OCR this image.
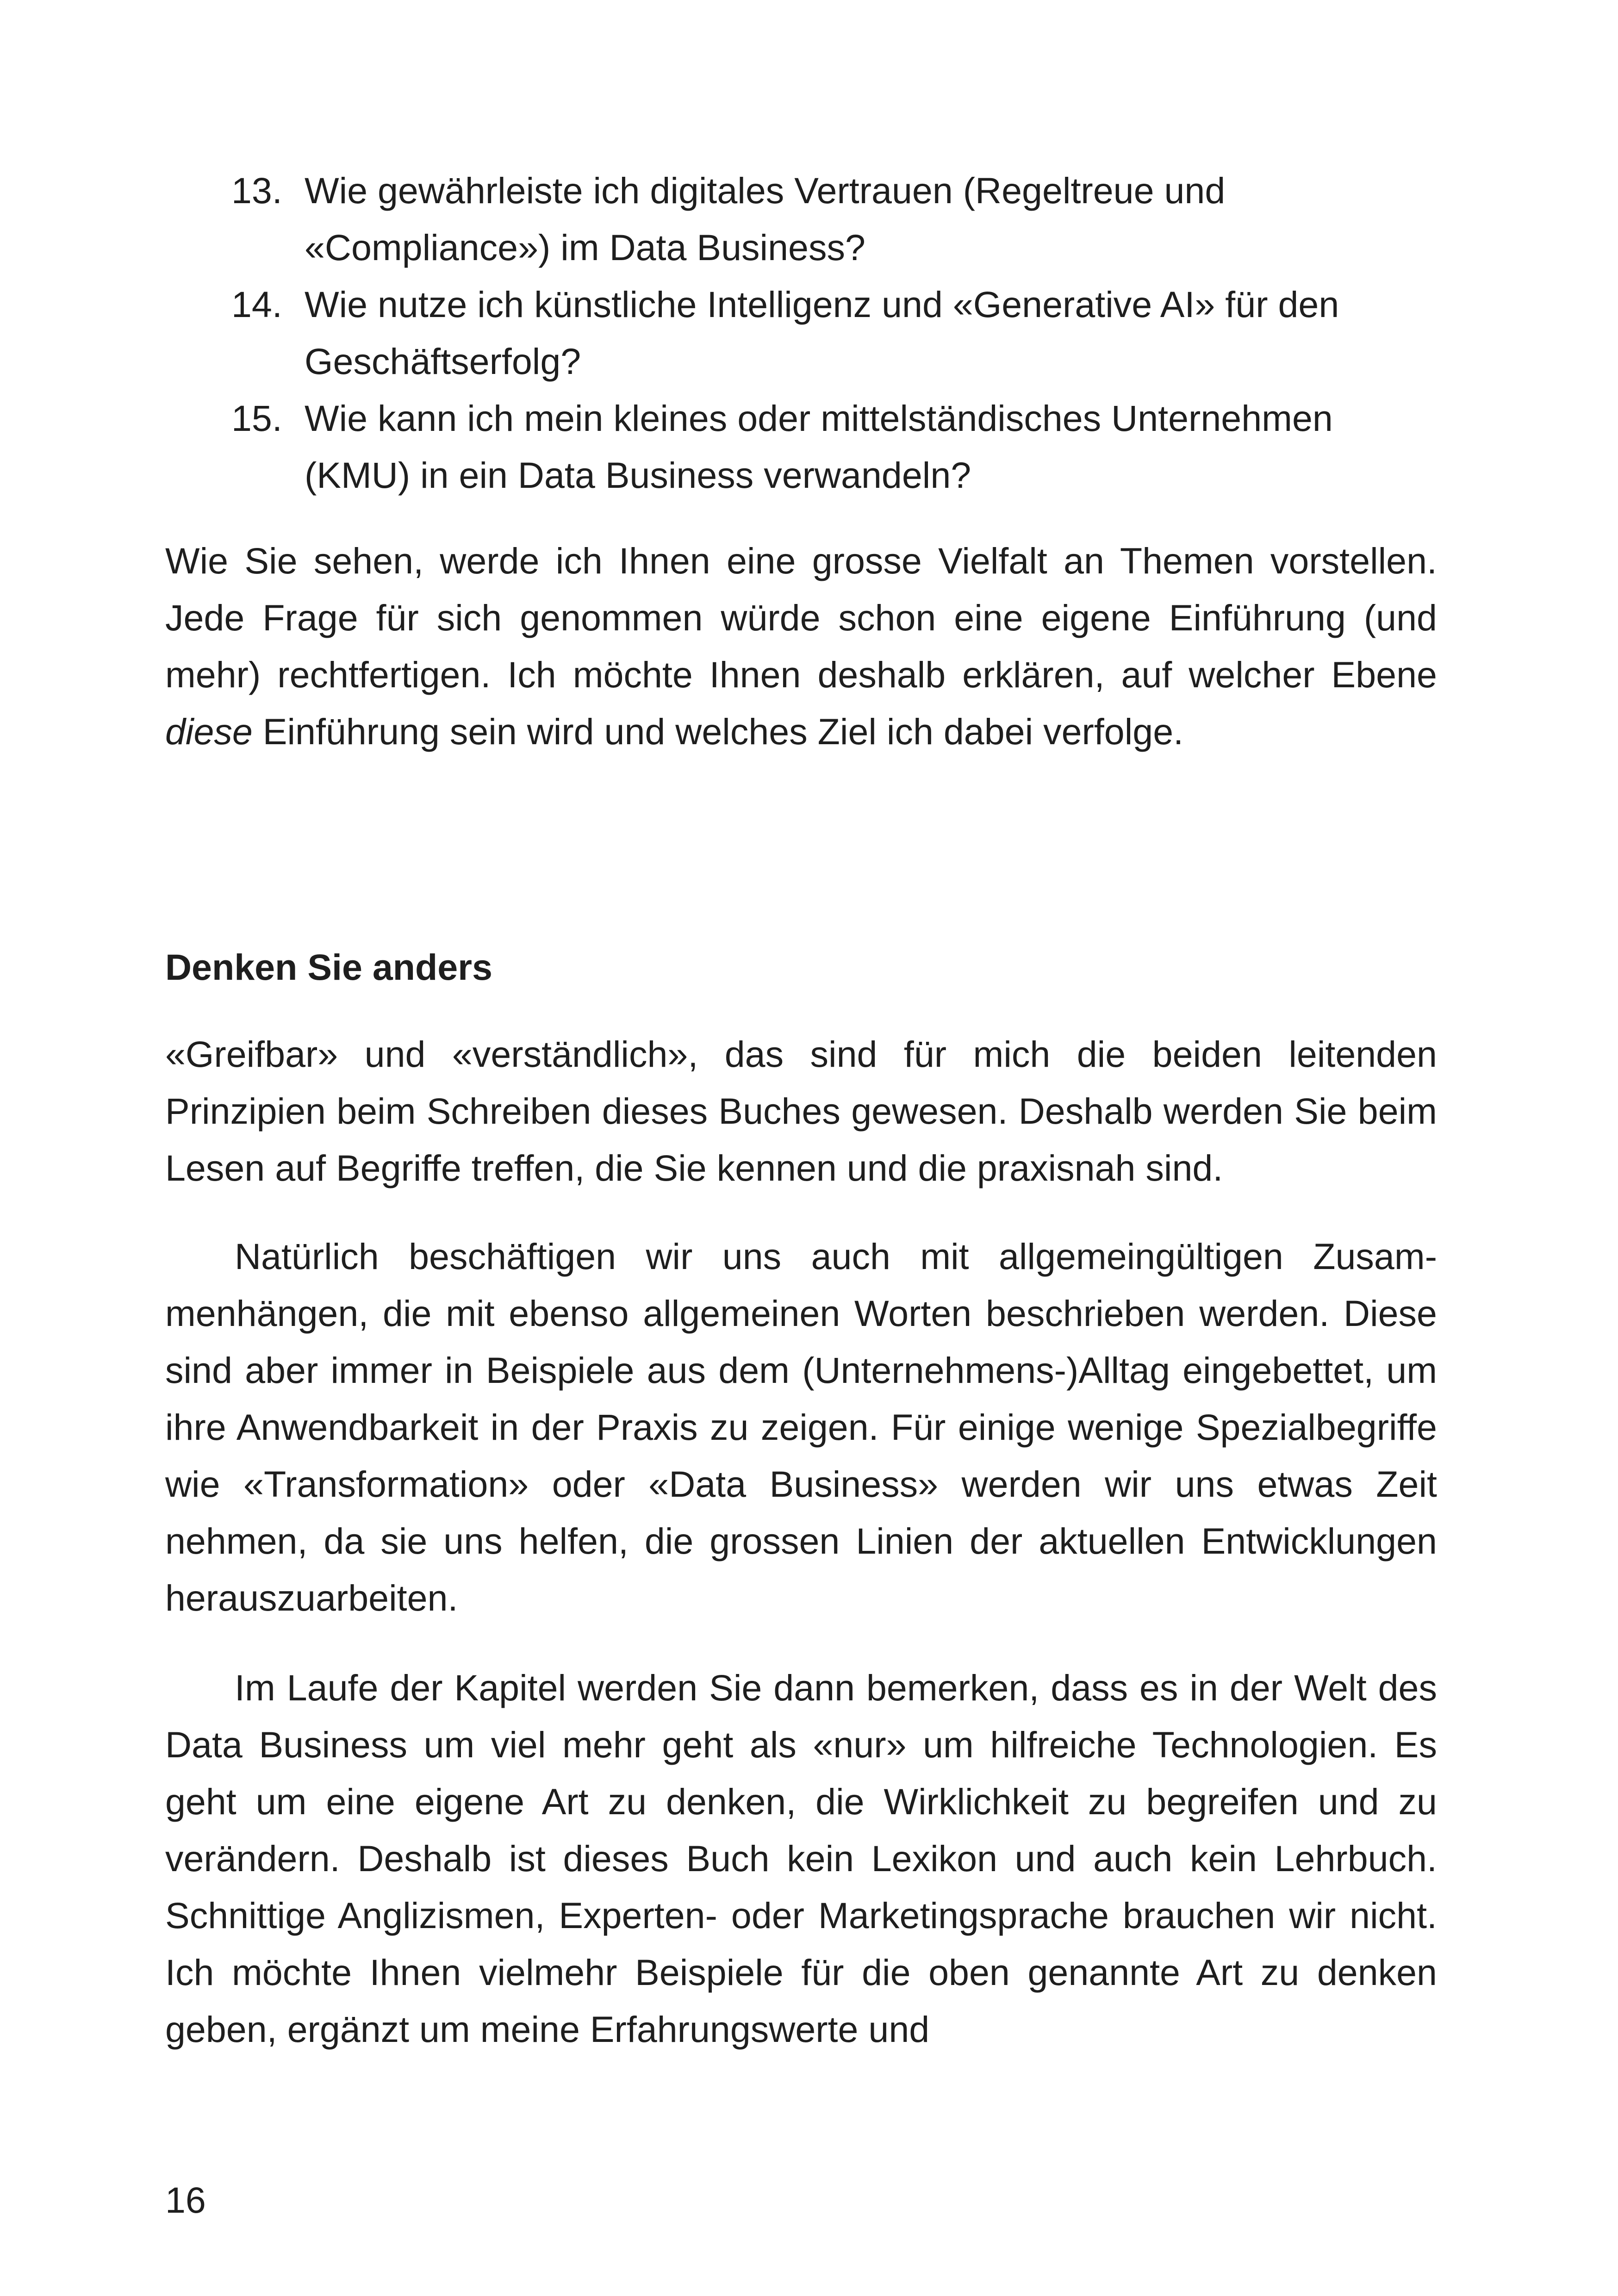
13. Wie gewährleiste ich digitales Vertrauen (Regeltreue und «Compliance») im Data Business?
14. Wie nutze ich künstliche Intelligenz und «Generative AI» für den Geschäftserfolg?
15. Wie kann ich mein kleines oder mittelständisches Unternehmen (KMU) in ein Data Business verwandeln?

Wie Sie sehen, werde ich Ihnen eine grosse Vielfalt an Themen vorstellen. Jede Frage für sich genommen würde schon eine eigene Einführung (und mehr) rechtfertigen. Ich möchte Ihnen deshalb erklären, auf welcher Ebene diese Einführung sein wird und welches Ziel ich dabei verfolge.

Denken Sie anders

«Greifbar» und «verständlich», das sind für mich die beiden leitenden Prinzipien beim Schreiben dieses Buches gewesen. Deshalb werden Sie beim Lesen auf Begriffe treffen, die Sie kennen und die praxisnah sind.

Natürlich beschäftigen wir uns auch mit allgemeingültigen Zusammenhängen, die mit ebenso allgemeinen Worten beschrieben werden. Diese sind aber immer in Beispiele aus dem (Unternehmens-)Alltag eingebettet, um ihre Anwendbarkeit in der Praxis zu zeigen. Für einige wenige Spezialbegriffe wie «Transformation» oder «Data Business» werden wir uns etwas Zeit nehmen, da sie uns helfen, die grossen Linien der aktuellen Entwicklungen herauszuarbeiten.

Im Laufe der Kapitel werden Sie dann bemerken, dass es in der Welt des Data Business um viel mehr geht als «nur» um hilfreiche Technologien. Es geht um eine eigene Art zu denken, die Wirklichkeit zu begreifen und zu verändern. Deshalb ist dieses Buch kein Lexikon und auch kein Lehrbuch. Schnittige Anglizismen, Experten- oder Marketingsprache brauchen wir nicht. Ich möchte Ihnen vielmehr Beispiele für die oben genannte Art zu denken geben, ergänzt um meine Erfahrungswerte und

16
